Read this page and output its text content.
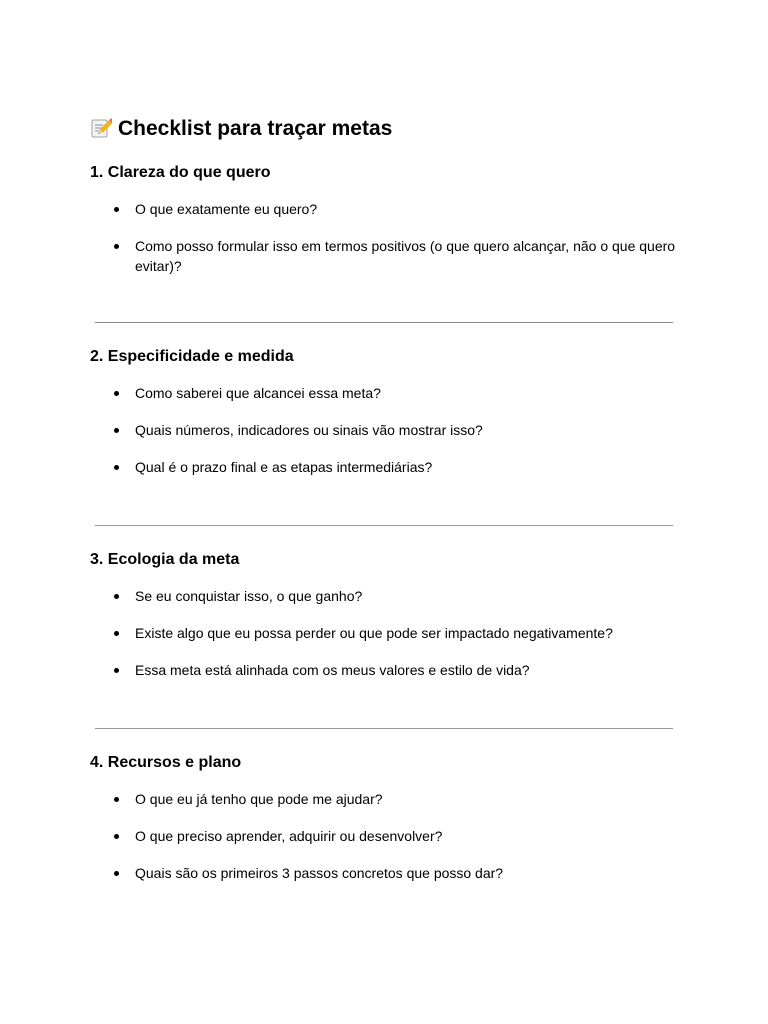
Checklist para traçar metas
1. Clareza do que quero
O que exatamente eu quero?
Como posso formular isso em termos positivos (o que quero alcançar, não o que quero evitar)?
2. Especificidade e medida
Como saberei que alcancei essa meta?
Quais números, indicadores ou sinais vão mostrar isso?
Qual é o prazo final e as etapas intermediárias?
3. Ecologia da meta
Se eu conquistar isso, o que ganho?
Existe algo que eu possa perder ou que pode ser impactado negativamente?
Essa meta está alinhada com os meus valores e estilo de vida?
4. Recursos e plano
O que eu já tenho que pode me ajudar?
O que preciso aprender, adquirir ou desenvolver?
Quais são os primeiros 3 passos concretos que posso dar?
